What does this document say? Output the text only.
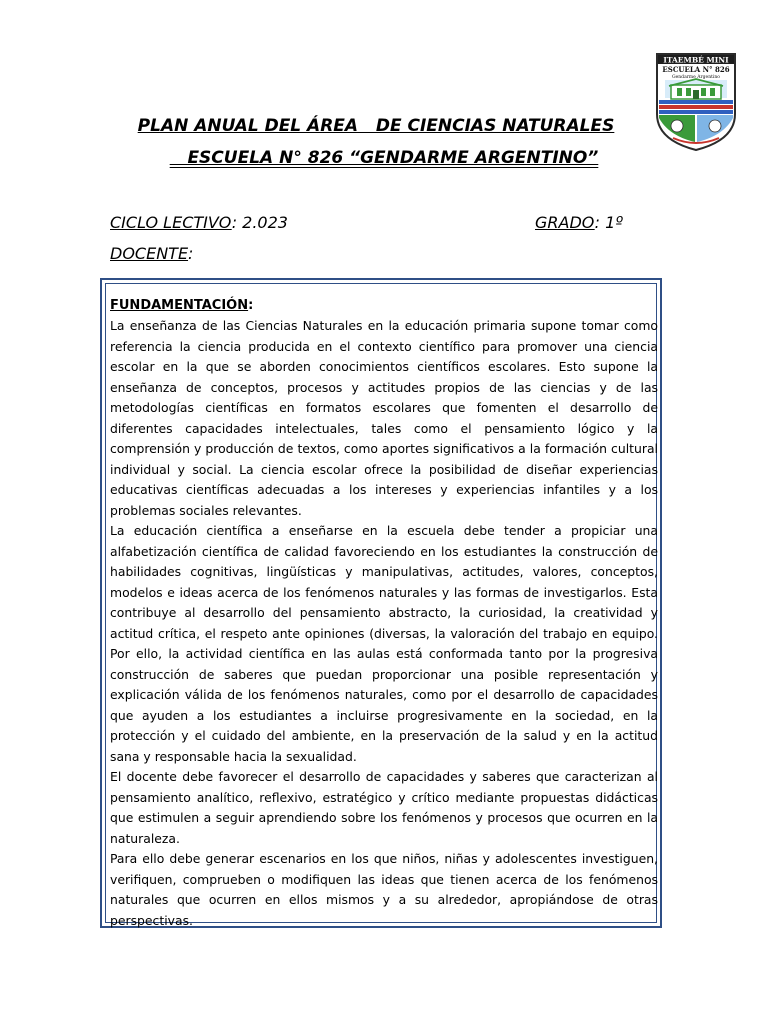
ITAEMBÉ MINI
ESCUELA N° 826
Gendarme Argentino
PLAN ANUAL DEL ÁREA   DE CIENCIAS NATURALES
ESCUELA N° 826 “GENDARME ARGENTINO”
CICLO LECTIVO: 2.023	GRADO: 1º
DOCENTE:
FUNDAMENTACIÓN:

La enseñanza de las Ciencias Naturales en la educación primaria supone tomar como referencia la ciencia producida en el contexto científico para promover una ciencia escolar en la que se aborden conocimientos científicos escolares. Esto supone la enseñanza de conceptos, procesos y actitudes propios de las ciencias y de las metodologías científicas en formatos escolares que fomenten el desarrollo de diferentes capacidades intelectuales, tales como el pensamiento lógico y la comprensión y producción de textos, como aportes significativos a la formación cultural individual y social. La ciencia escolar ofrece la posibilidad de diseñar experiencias educativas científicas adecuadas a los intereses y experiencias infantiles y a los problemas sociales relevantes.

La educación científica a enseñarse en la escuela debe tender a propiciar una alfabetización científica de calidad favoreciendo en los estudiantes la construcción de habilidades cognitivas, lingüísticas y manipulativas, actitudes, valores, conceptos, modelos e ideas acerca de los fenómenos naturales y las formas de investigarlos. Esta contribuye al desarrollo del pensamiento abstracto, la curiosidad, la creatividad y actitud crítica, el respeto ante opiniones (diversas, la valoración del trabajo en equipo. Por ello, la actividad científica en las aulas está conformada tanto por la progresiva construcción de saberes que puedan proporcionar una posible representación y explicación válida de los fenómenos naturales, como por el desarrollo de capacidades que ayuden a los estudiantes a incluirse progresivamente en la sociedad, en la protección y el cuidado del ambiente, en la preservación de la salud y en la actitud sana y responsable hacia la sexualidad.

El docente debe favorecer el desarrollo de capacidades y saberes que caracterizan al pensamiento analítico, reflexivo, estratégico y crítico mediante propuestas didácticas que estimulen a seguir aprendiendo sobre los fenómenos y procesos que ocurren en la naturaleza.

Para ello debe generar escenarios en los que niños, niñas y adolescentes investiguen, verifiquen, comprueben o modifiquen las ideas que tienen acerca de los fenómenos naturales que ocurren en ellos mismos y a su alrededor, apropiándose de otras perspectivas.
